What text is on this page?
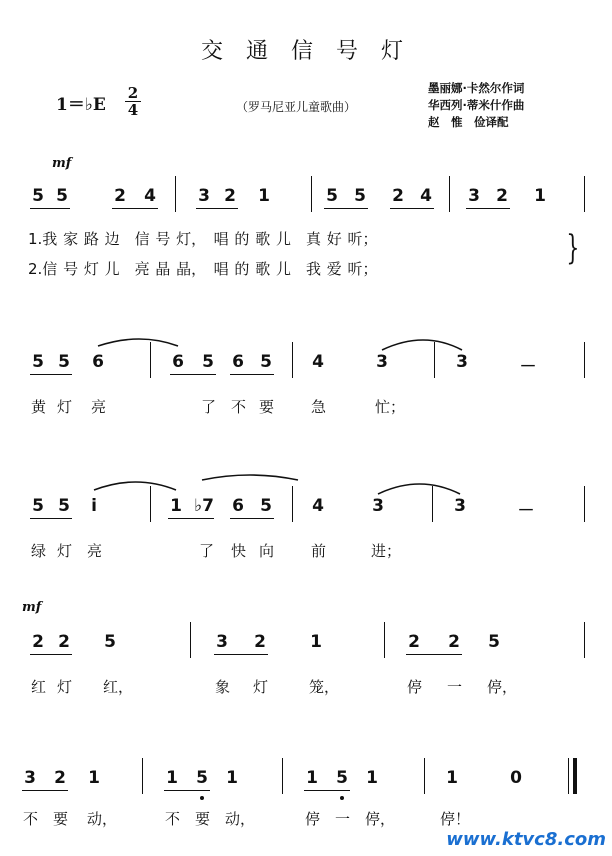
交 通 信 号 灯
1＝♭E
2
4	（罗马尼亚儿童歌曲）
墨丽娜·卡然尔作词
华西列·蒂米什作曲
赵　惟　俭译配
mf
mf
5 5	2 4 3 2 1	5 5 2 4 3 2 1
1.我 家 路 边　信 号 灯，　唱 的 歌 儿　真 好 听；
2.信 号 灯 儿　亮 晶 晶，　唱 的 歌 儿　我 爱 听；
}
5 5 6	6 5 6 5 4	3	3	－
黄 灯 亮	了 不 要 急	忙；
5 5 i	1 ♭7 6 5 4	3	3	－
绿 灯 亮	了 快 向 前	进；
2 2 5	3 2	1	2 2 5
红 灯 红，	象 灯	笼，	停 一 停，
3 2 1	1 5 1	1 5 1	1	0
不 要 动，	不 要 动，	停 一 停，	停！
www.ktvc8.com
